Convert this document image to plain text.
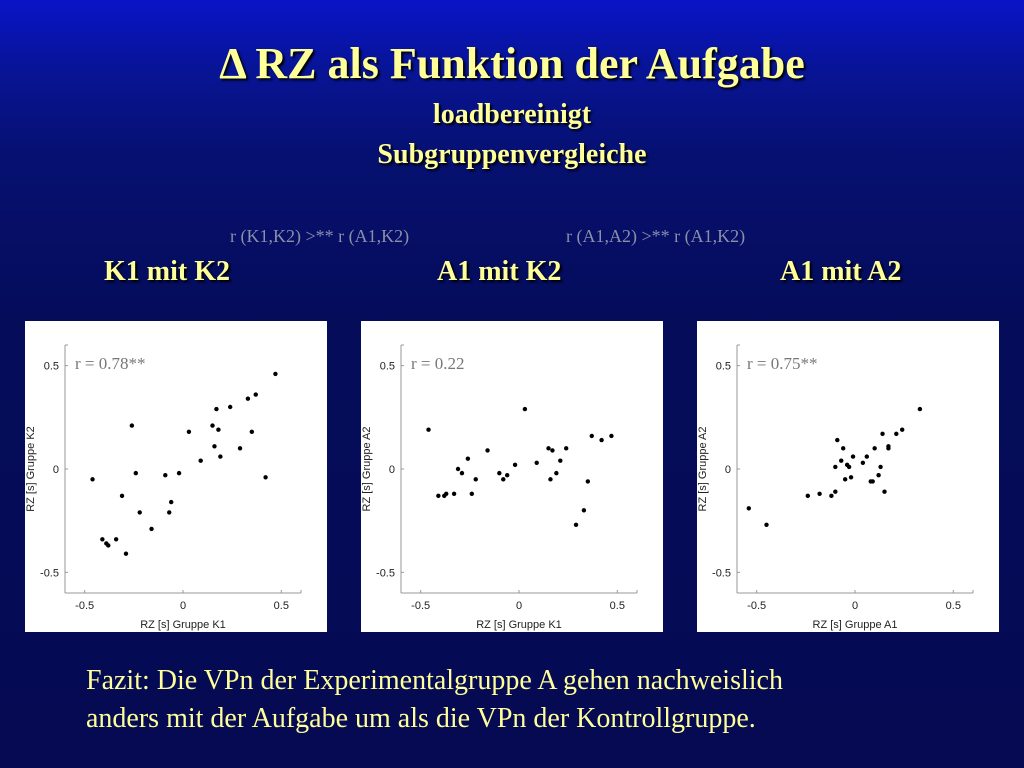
Δ RZ als Funktion der Aufgabe
loadbereinigt
Subgruppenvergleiche
r (K1,K2) >** r (A1,K2)	r (A1,A2) >** r (A1,K2)
K1 mit K2	A1 mit K2	A1 mit A2
-0.5	0	0.5
0.5
0
-0.5
RZ [s] Gruppe K1
RZ [s] Gruppe K2
r = 0.78**
-0.5	0	0.5
0.5
0
-0.5
RZ [s] Gruppe K1
RZ [s] Gruppe A2
r = 0.22
-0.5	0	0.5
0.5
0
-0.5
RZ [s] Gruppe A1
RZ [s] Gruppe A2
r = 0.75**
Fazit: Die VPn der Experimentalgruppe A gehen nachweislich
anders mit der Aufgabe um als die VPn der Kontrollgruppe.
